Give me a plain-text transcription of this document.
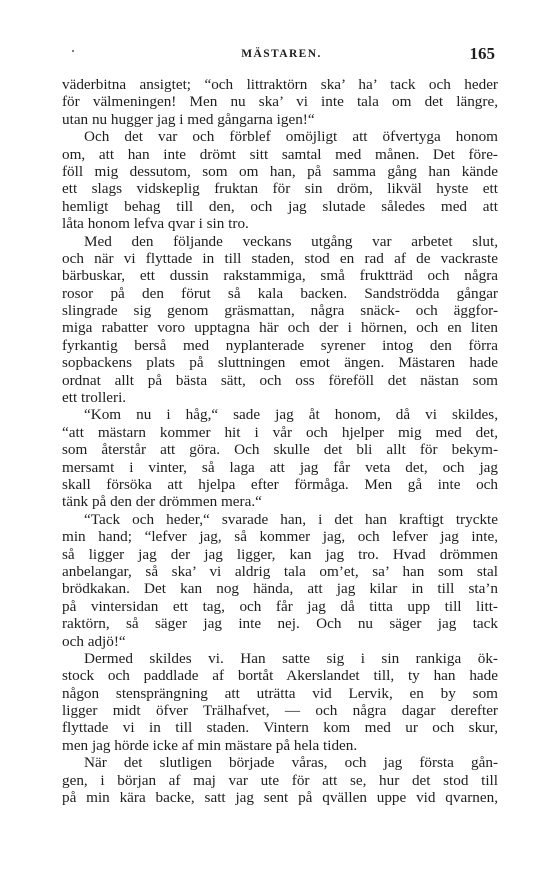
MÄSTAREN.	165
väderbitna ansigtet; “och littraktörn ska’ ha’ tack och heder
för välmeningen! Men nu ska’ vi inte tala om det längre,
utan nu hugger jag i med gångarna igen!“
Och det var och förblef omöjligt att öfvertyga honom
om, att han inte drömt sitt samtal med månen. Det före-
föll mig dessutom, som om han, på samma gång han kände
ett slags vidskeplig fruktan för sin dröm, likväl hyste ett
hemligt behag till den, och jag slutade således med att
låta honom lefva qvar i sin tro.
Med den följande veckans utgång var arbetet slut,
och när vi flyttade in till staden, stod en rad af de vackraste
bärbuskar, ett dussin rakstammiga, små fruktträd och några
rosor på den förut så kala backen. Sandströdda gångar
slingrade sig genom gräsmattan, några snäck- och äggfor-
miga rabatter voro upptagna här och der i hörnen, och en liten
fyrkantig berså med nyplanterade syrener intog den förra
sopbackens plats på sluttningen emot ängen. Mästaren hade
ordnat allt på bästa sätt, och oss föreföll det nästan som
ett trolleri.
“Kom nu i håg,“ sade jag åt honom, då vi skildes,
“att mästarn kommer hit i vår och hjelper mig med det,
som återstår att göra. Och skulle det bli allt för bekym-
mersamt i vinter, så laga att jag får veta det, och jag
skall försöka att hjelpa efter förmåga. Men gå inte och
tänk på den der drömmen mera.“
“Tack och heder,“ svarade han, i det han kraftigt tryckte
min hand; “lefver jag, så kommer jag, och lefver jag inte,
så ligger jag der jag ligger, kan jag tro. Hvad drömmen
anbelangar, så ska’ vi aldrig tala om’et, sa’ han som stal
brödkakan. Det kan nog hända, att jag kilar in till sta’n
på vintersidan ett tag, och får jag då titta upp till litt-
raktörn, så säger jag inte nej. Och nu säger jag tack
och adjö!“
Dermed skildes vi. Han satte sig i sin rankiga ök-
stock och paddlade af bortåt Akerslandet till, ty han hade
någon stensprängning att uträtta vid Lervik, en by som
ligger midt öfver Trälhafvet, — och några dagar derefter
flyttade vi in till staden. Vintern kom med ur och skur,
men jag hörde icke af min mästare på hela tiden.
När det slutligen började våras, och jag första gån-
gen, i början af maj var ute för att se, hur det stod till
på min kära backe, satt jag sent på qvällen uppe vid qvarnen,
